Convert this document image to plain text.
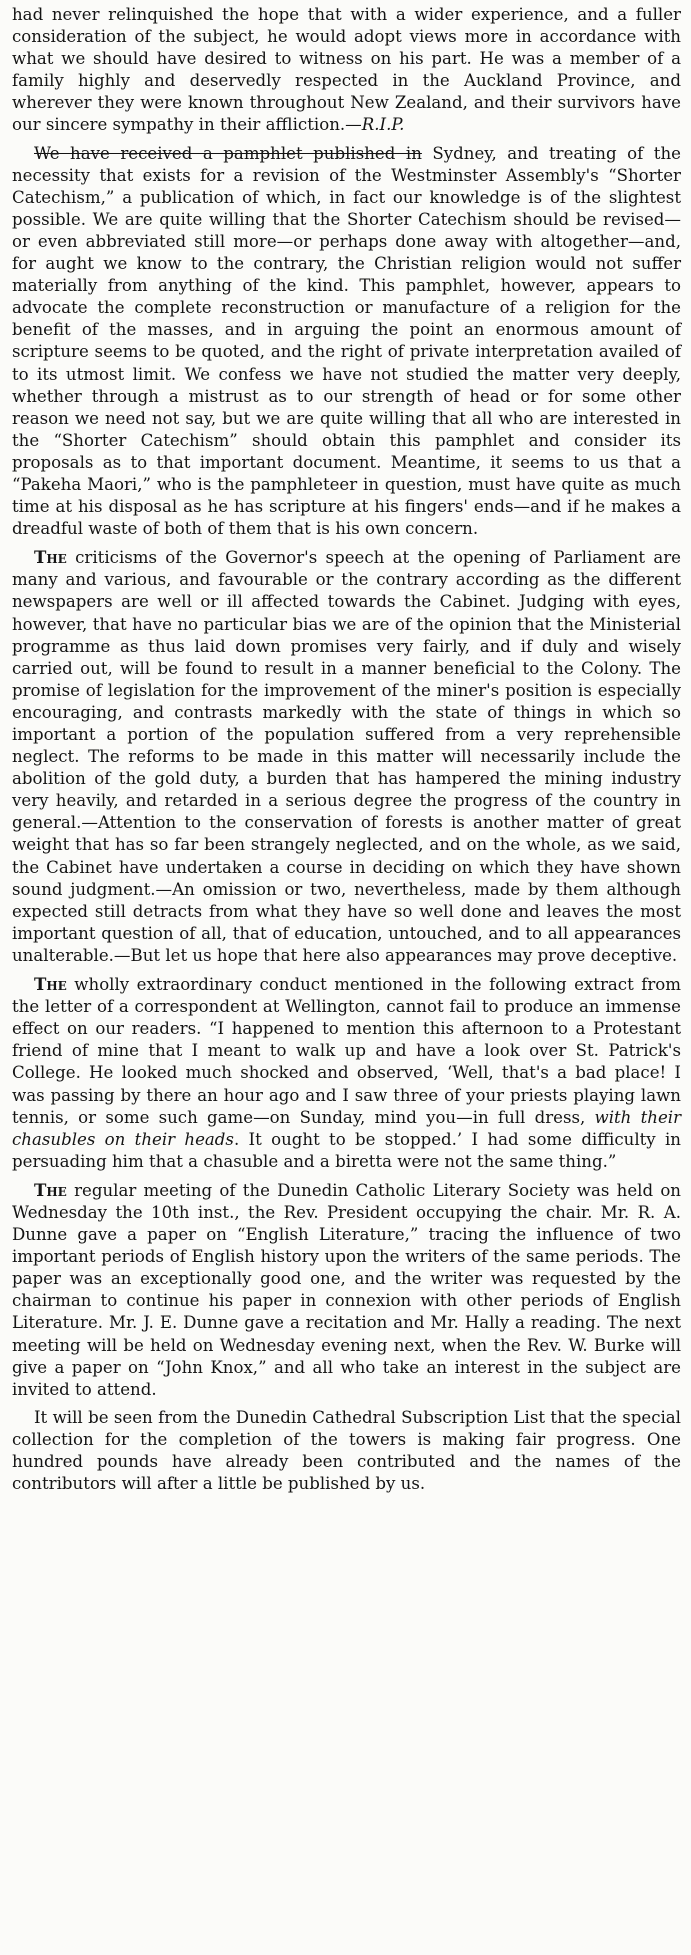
had never relinquished the hope that with a wider experience, and a fuller consideration of the subject, he would adopt views more in accordance with what we should have desired to witness on his part. He was a member of a family highly and deservedly respected in the Auckland Province, and wherever they were known throughout New Zealand, and their survivors have our sincere sympathy in their affliction.—R.I.P.

We have received a pamphlet published in Sydney, and treating of the necessity that exists for a revision of the Westminster Assembly's “Shorter Catechism,” a publication of which, in fact our knowledge is of the slightest possible. We are quite willing that the Shorter Catechism should be revised—or even abbreviated still more—or perhaps done away with altogether—and, for aught we know to the contrary, the Christian religion would not suffer materially from anything of the kind. This pamphlet, however, appears to advocate the complete reconstruction or manufacture of a religion for the benefit of the masses, and in arguing the point an enormous amount of scripture seems to be quoted, and the right of private interpretation availed of to its utmost limit. We confess we have not studied the matter very deeply, whether through a mistrust as to our strength of head or for some other reason we need not say, but we are quite willing that all who are interested in the “Shorter Catechism” should obtain this pamphlet and consider its proposals as to that important document. Meantime, it seems to us that a “Pakeha Maori,” who is the pamphleteer in question, must have quite as much time at his disposal as he has scripture at his fingers' ends—and if he makes a dreadful waste of both of them that is his own concern.

The criticisms of the Governor's speech at the opening of Parliament are many and various, and favourable or the contrary according as the different newspapers are well or ill affected towards the Cabinet. Judging with eyes, however, that have no particular bias we are of the opinion that the Ministerial programme as thus laid down promises very fairly, and if duly and wisely carried out, will be found to result in a manner beneficial to the Colony. The promise of legislation for the improvement of the miner's position is especially encouraging, and contrasts markedly with the state of things in which so important a portion of the population suffered from a very reprehensible neglect. The reforms to be made in this matter will necessarily include the abolition of the gold duty, a burden that has hampered the mining industry very heavily, and retarded in a serious degree the progress of the country in general.—Attention to the conservation of forests is another matter of great weight that has so far been strangely neglected, and on the whole, as we said, the Cabinet have undertaken a course in deciding on which they have shown sound judgment.—An omission or two, nevertheless, made by them although expected still detracts from what they have so well done and leaves the most important question of all, that of education, untouched, and to all appearances unalterable.—But let us hope that here also appearances may prove deceptive.

The wholly extraordinary conduct mentioned in the following extract from the letter of a correspondent at Wellington, cannot fail to produce an immense effect on our readers. “I happened to mention this afternoon to a Protestant friend of mine that I meant to walk up and have a look over St. Patrick's College. He looked much shocked and observed, ‘Well, that's a bad place! I was passing by there an hour ago and I saw three of your priests playing lawn tennis, or some such game—on Sunday, mind you—in full dress, with their chasubles on their heads. It ought to be stopped.’ I had some difficulty in persuading him that a chasuble and a biretta were not the same thing.”

The regular meeting of the Dunedin Catholic Literary Society was held on Wednesday the 10th inst., the Rev. President occupying the chair. Mr. R. A. Dunne gave a paper on “English Literature,” tracing the influence of two important periods of English history upon the writers of the same periods. The paper was an exceptionally good one, and the writer was requested by the chairman to continue his paper in connexion with other periods of English Literature. Mr. J. E. Dunne gave a recitation and Mr. Hally a reading. The next meeting will be held on Wednesday evening next, when the Rev. W. Burke will give a paper on “John Knox,” and all who take an interest in the subject are invited to attend.

It will be seen from the Dunedin Cathedral Subscription List that the special collection for the completion of the towers is making fair progress. One hundred pounds have already been contributed and the names of the contributors will after a little be published by us.
